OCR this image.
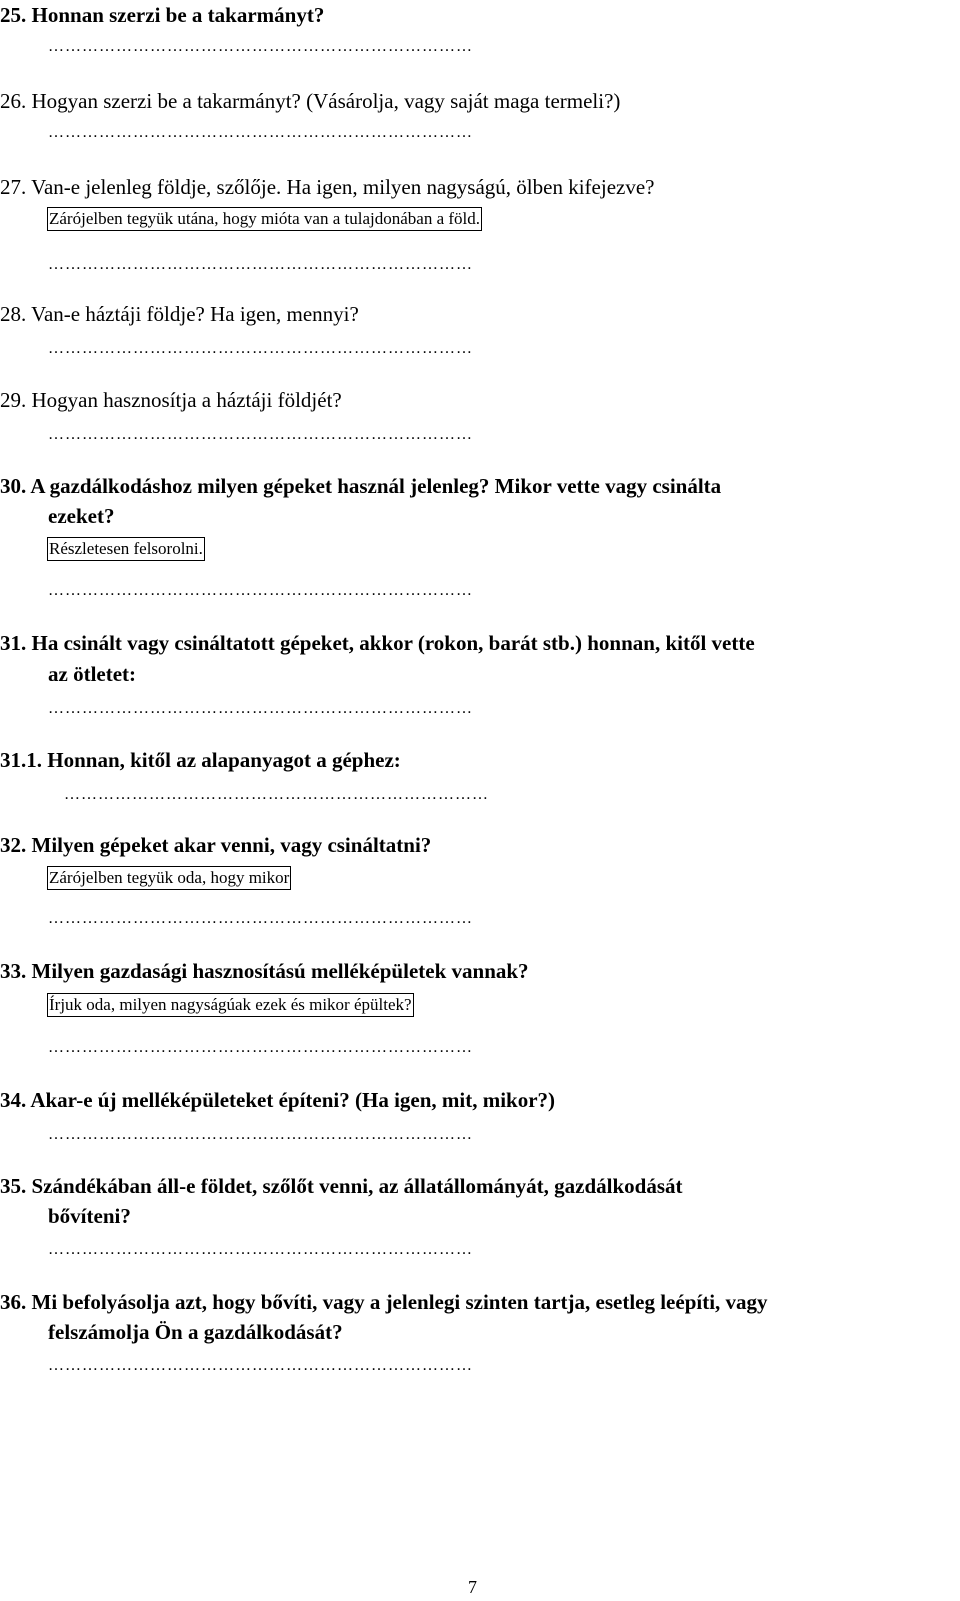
25. Honnan szerzi be a takarmányt?
…………………………………………………………………
26. Hogyan szerzi be a takarmányt? (Vásárolja, vagy saját maga termeli?)
…………………………………………………………………
27. Van-e jelenleg földje, szőlője. Ha igen, milyen nagyságú, ölben kifejezve?
Zárójelben tegyük utána, hogy mióta van a tulajdonában a föld.
…………………………………………………………………
28. Van-e háztáji földje? Ha igen, mennyi?
…………………………………………………………………
29. Hogyan hasznosítja a háztáji földjét?
…………………………………………………………………
30. A gazdálkodáshoz milyen gépeket használ jelenleg? Mikor vette vagy csinálta
ezeket?
Részletesen felsorolni.
…………………………………………………………………
31. Ha csinált vagy csináltatott gépeket, akkor (rokon, barát stb.) honnan, kitől vette
az ötletet:
…………………………………………………………………
31.1. Honnan, kitől az alapanyagot a géphez:
…………………………………………………………………
32. Milyen gépeket akar venni, vagy csináltatni?
Zárójelben tegyük oda, hogy mikor
…………………………………………………………………
33. Milyen gazdasági hasznosítású melléképületek vannak?
Írjuk oda, milyen nagyságúak ezek és mikor épültek?
…………………………………………………………………
34. Akar-e új melléképületeket építeni? (Ha igen, mit, mikor?)
…………………………………………………………………
35. Szándékában áll-e földet, szőlőt venni, az állatállományát, gazdálkodását
bővíteni?
…………………………………………………………………
36. Mi befolyásolja azt, hogy bővíti, vagy a jelenlegi szinten tartja, esetleg leépíti, vagy
felszámolja Ön a gazdálkodását?
…………………………………………………………………
7
